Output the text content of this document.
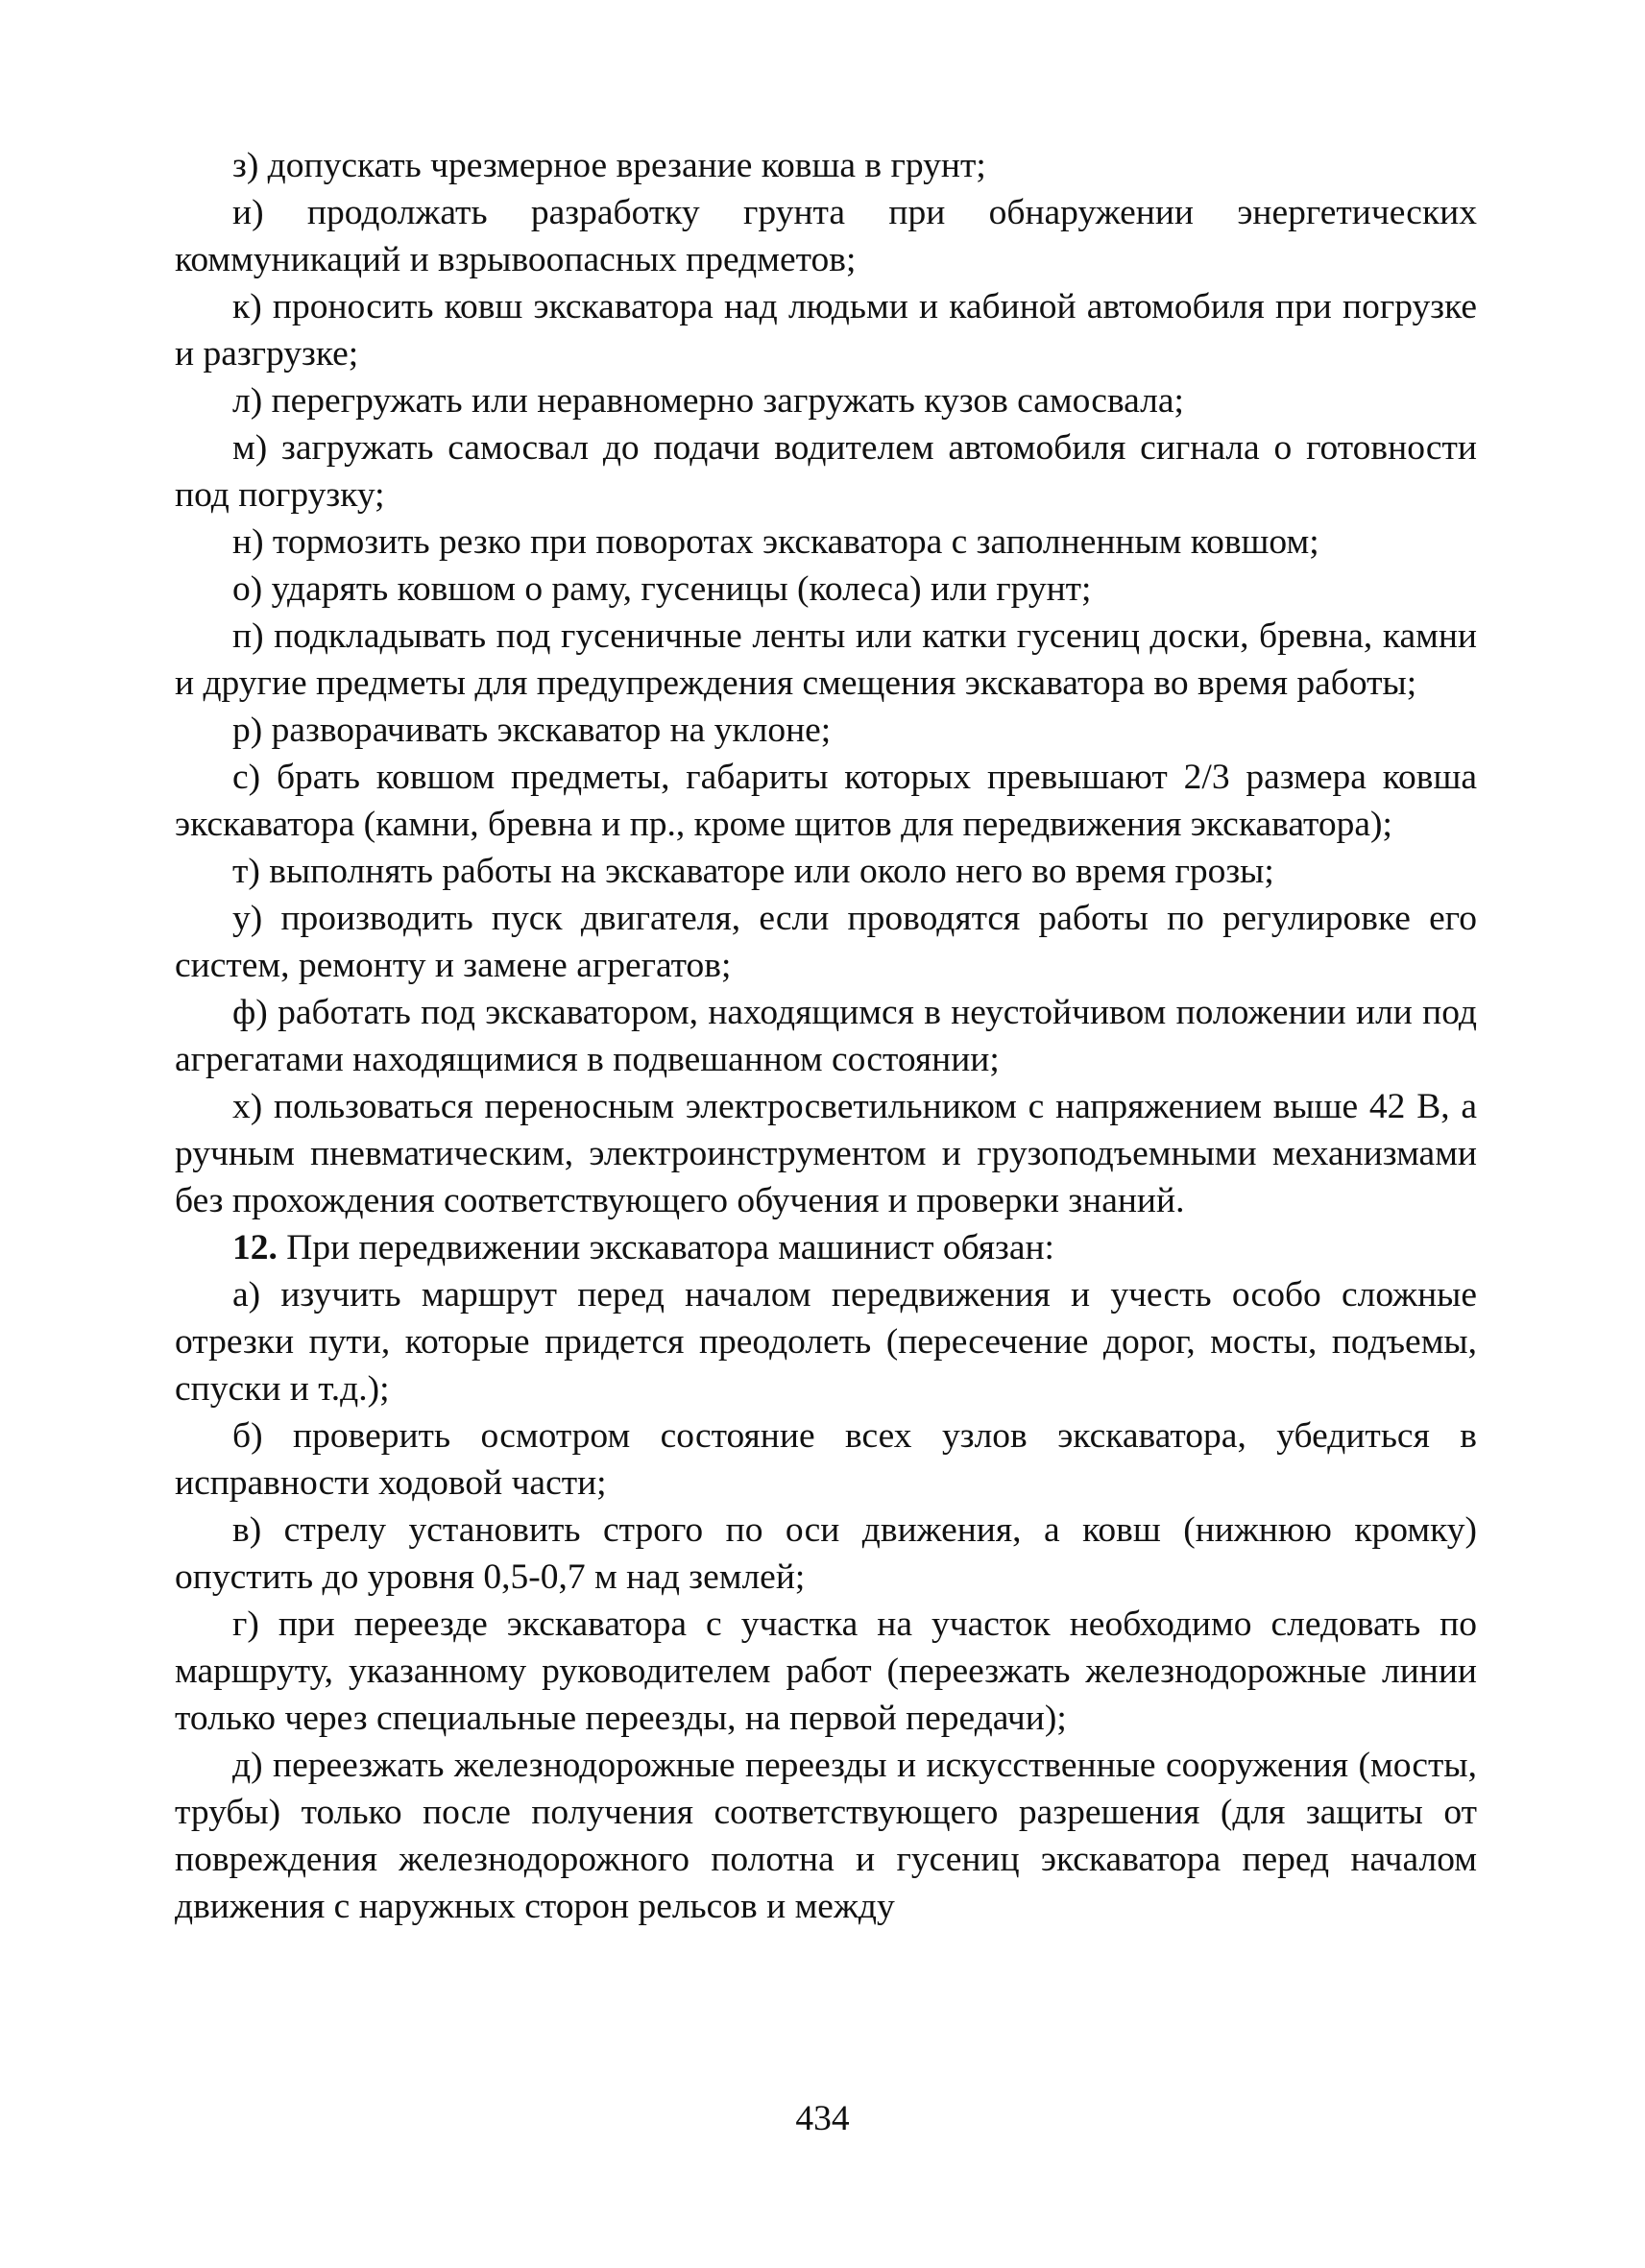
з) допускать чрезмерное врезание ковша в грунт;

и) продолжать разработку грунта при обнаружении энергетических коммуникаций и взрывоопасных предметов;

к) проносить ковш экскаватора над людьми и кабиной автомобиля при погрузке и разгрузке;

л) перегружать или неравномерно загружать кузов самосвала;

м) загружать самосвал до подачи водителем автомобиля сигнала о готовности под погрузку;

н) тормозить резко при поворотах экскаватора с заполненным ковшом;

о) ударять ковшом о раму, гусеницы (колеса) или грунт;

п) подкладывать под гусеничные ленты или катки гусениц доски, бревна, камни и другие предметы для предупреждения смещения экскаватора во время работы;

р) разворачивать экскаватор на уклоне;

с) брать ковшом предметы, габариты которых превышают 2/3 размера ковша экскаватора (камни, бревна и пр., кроме щитов для передвижения экскаватора);

т) выполнять работы на экскаваторе или около него во время грозы;

у) производить пуск двигателя, если проводятся работы по регулировке его систем, ремонту и замене агрегатов;

ф) работать под экскаватором, находящимся в неустойчивом положении или под агрегатами находящимися в подвешанном состоянии;

х) пользоваться переносным электросветильником с напряжением выше 42 В, а ручным пневматическим, электроинструментом и грузоподъемными механизмами без прохождения соответствующего обучения и проверки знаний.

12. При передвижении экскаватора машинист обязан:

а) изучить маршрут перед началом передвижения и учесть особо сложные отрезки пути, которые придется преодолеть (пересечение дорог, мосты, подъемы, спуски и т.д.);

б) проверить осмотром состояние всех узлов экскаватора, убедиться в исправности ходовой части;

в) стрелу установить строго по оси движения, а ковш (нижнюю кромку) опустить до уровня 0,5-0,7 м над землей;

г) при переезде экскаватора с участка на участок необходимо следовать по маршруту, указанному руководителем работ (переезжать железнодорожные линии только через специальные переезды, на первой передачи);

д) переезжать железнодорожные переезды и искусственные сооружения (мосты, трубы) только после получения соответствующего разрешения (для защиты от повреждения железнодорожного полотна и гусениц экскаватора перед началом движения с наружных сторон рельсов и между

434
